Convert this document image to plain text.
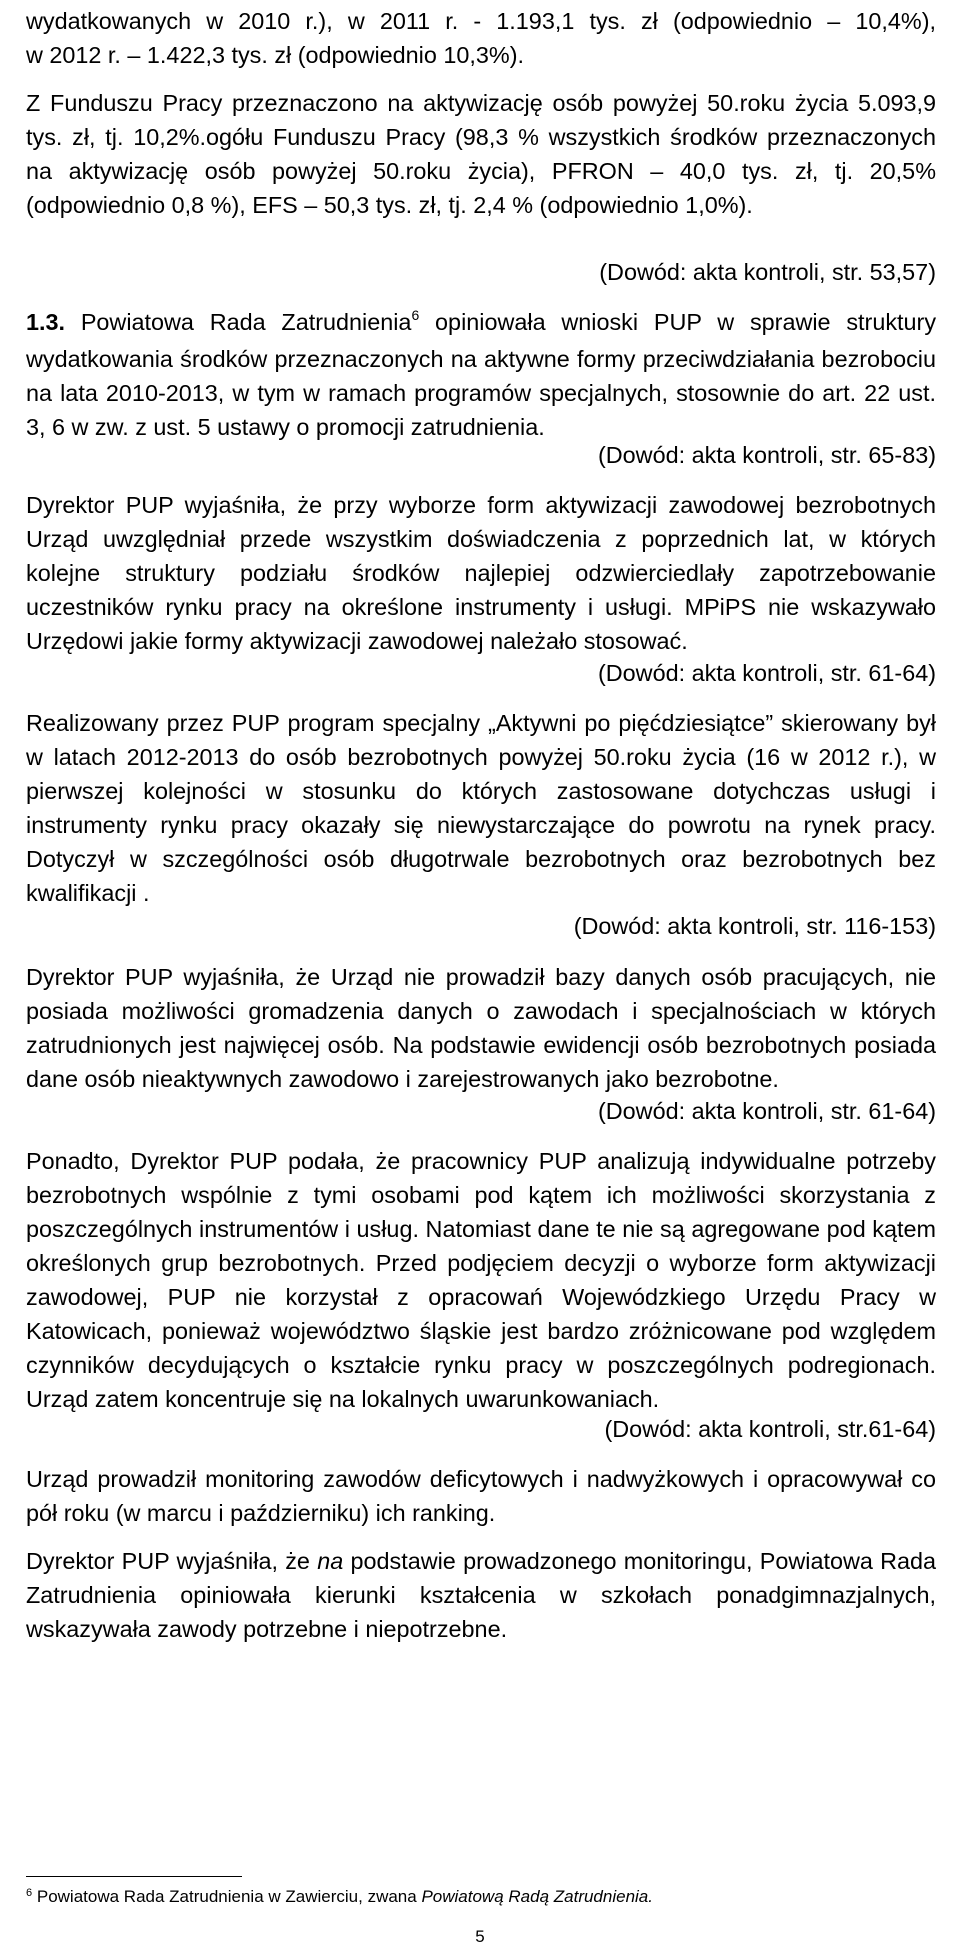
wydatkowanych w 2010 r.), w 2011 r. - 1.193,1 tys. zł (odpowiednio – 10,4%),
w 2012 r. – 1.422,3 tys. zł (odpowiednio 10,3%).

Z Funduszu Pracy przeznaczono na aktywizację osób powyżej 50.roku życia 5.093,9 tys. zł, tj. 10,2%.ogółu Funduszu Pracy (98,3 % wszystkich środków przeznaczonych na aktywizację osób powyżej 50.roku życia), PFRON – 40,0 tys. zł, tj. 20,5% (odpowiednio 0,8 %), EFS – 50,3 tys. zł, tj. 2,4 % (odpowiednio 1,0%).

(Dowód: akta kontroli, str. 53,57)

1.3. Powiatowa Rada Zatrudnienia$^6$ opiniowała wnioski PUP w sprawie struktury wydatkowania środków przeznaczonych na aktywne formy przeciwdziałania bezrobociu na lata 2010-2013, w tym w ramach programów specjalnych, stosownie do art. 22 ust. 3, 6 w zw. z ust. 5 ustawy o promocji zatrudnienia.

(Dowód: akta kontroli, str. 65-83)

Dyrektor PUP wyjaśniła, że przy wyborze form aktywizacji zawodowej bezrobotnych Urząd uwzględniał przede wszystkim doświadczenia z poprzednich lat, w których kolejne struktury podziału środków najlepiej odzwierciedlały zapotrzebowanie uczestników rynku pracy na określone instrumenty i usługi. MPiPS nie wskazywało Urzędowi jakie formy aktywizacji zawodowej należało stosować.

(Dowód: akta kontroli, str. 61-64)

Realizowany przez PUP program specjalny „Aktywni po pięćdziesiątce” skierowany był w latach 2012-2013 do osób bezrobotnych powyżej 50.roku życia (16 w 2012 r.), w pierwszej kolejności w stosunku do których zastosowane dotychczas usługi i instrumenty rynku pracy okazały się niewystarczające do powrotu na rynek pracy. Dotyczył w szczególności osób długotrwale bezrobotnych oraz bezrobotnych bez kwalifikacji .

(Dowód: akta kontroli, str. 116-153)

Dyrektor PUP wyjaśniła, że Urząd nie prowadził bazy danych osób pracujących, nie posiada możliwości gromadzenia danych o zawodach i specjalnościach w których zatrudnionych jest najwięcej osób. Na podstawie ewidencji osób bezrobotnych posiada dane osób nieaktywnych zawodowo i zarejestrowanych jako bezrobotne.

(Dowód: akta kontroli, str. 61-64)

Ponadto, Dyrektor PUP podała, że pracownicy PUP analizują indywidualne potrzeby bezrobotnych wspólnie z tymi osobami pod kątem ich możliwości skorzystania z poszczególnych instrumentów i usług. Natomiast dane te nie są agregowane pod kątem określonych grup bezrobotnych. Przed podjęciem decyzji o wyborze form aktywizacji zawodowej, PUP nie korzystał z opracowań Wojewódzkiego Urzędu Pracy w Katowicach, ponieważ województwo śląskie jest bardzo zróżnicowane pod względem czynników decydujących o kształcie rynku pracy w poszczególnych podregionach. Urząd zatem koncentruje się na lokalnych uwarunkowaniach.

(Dowód: akta kontroli, str.61-64)

Urząd prowadził monitoring zawodów deficytowych i nadwyżkowych i opracowywał co pół roku (w marcu i październiku) ich ranking.

Dyrektor PUP wyjaśniła, że na podstawie prowadzonego monitoringu, Powiatowa Rada Zatrudnienia opiniowała kierunki kształcenia w szkołach ponadgimnazjalnych, wskazywała zawody potrzebne i niepotrzebne.

$^6$ Powiatowa Rada Zatrudnienia w Zawierciu, zwana Powiatową Radą Zatrudnienia.
5
